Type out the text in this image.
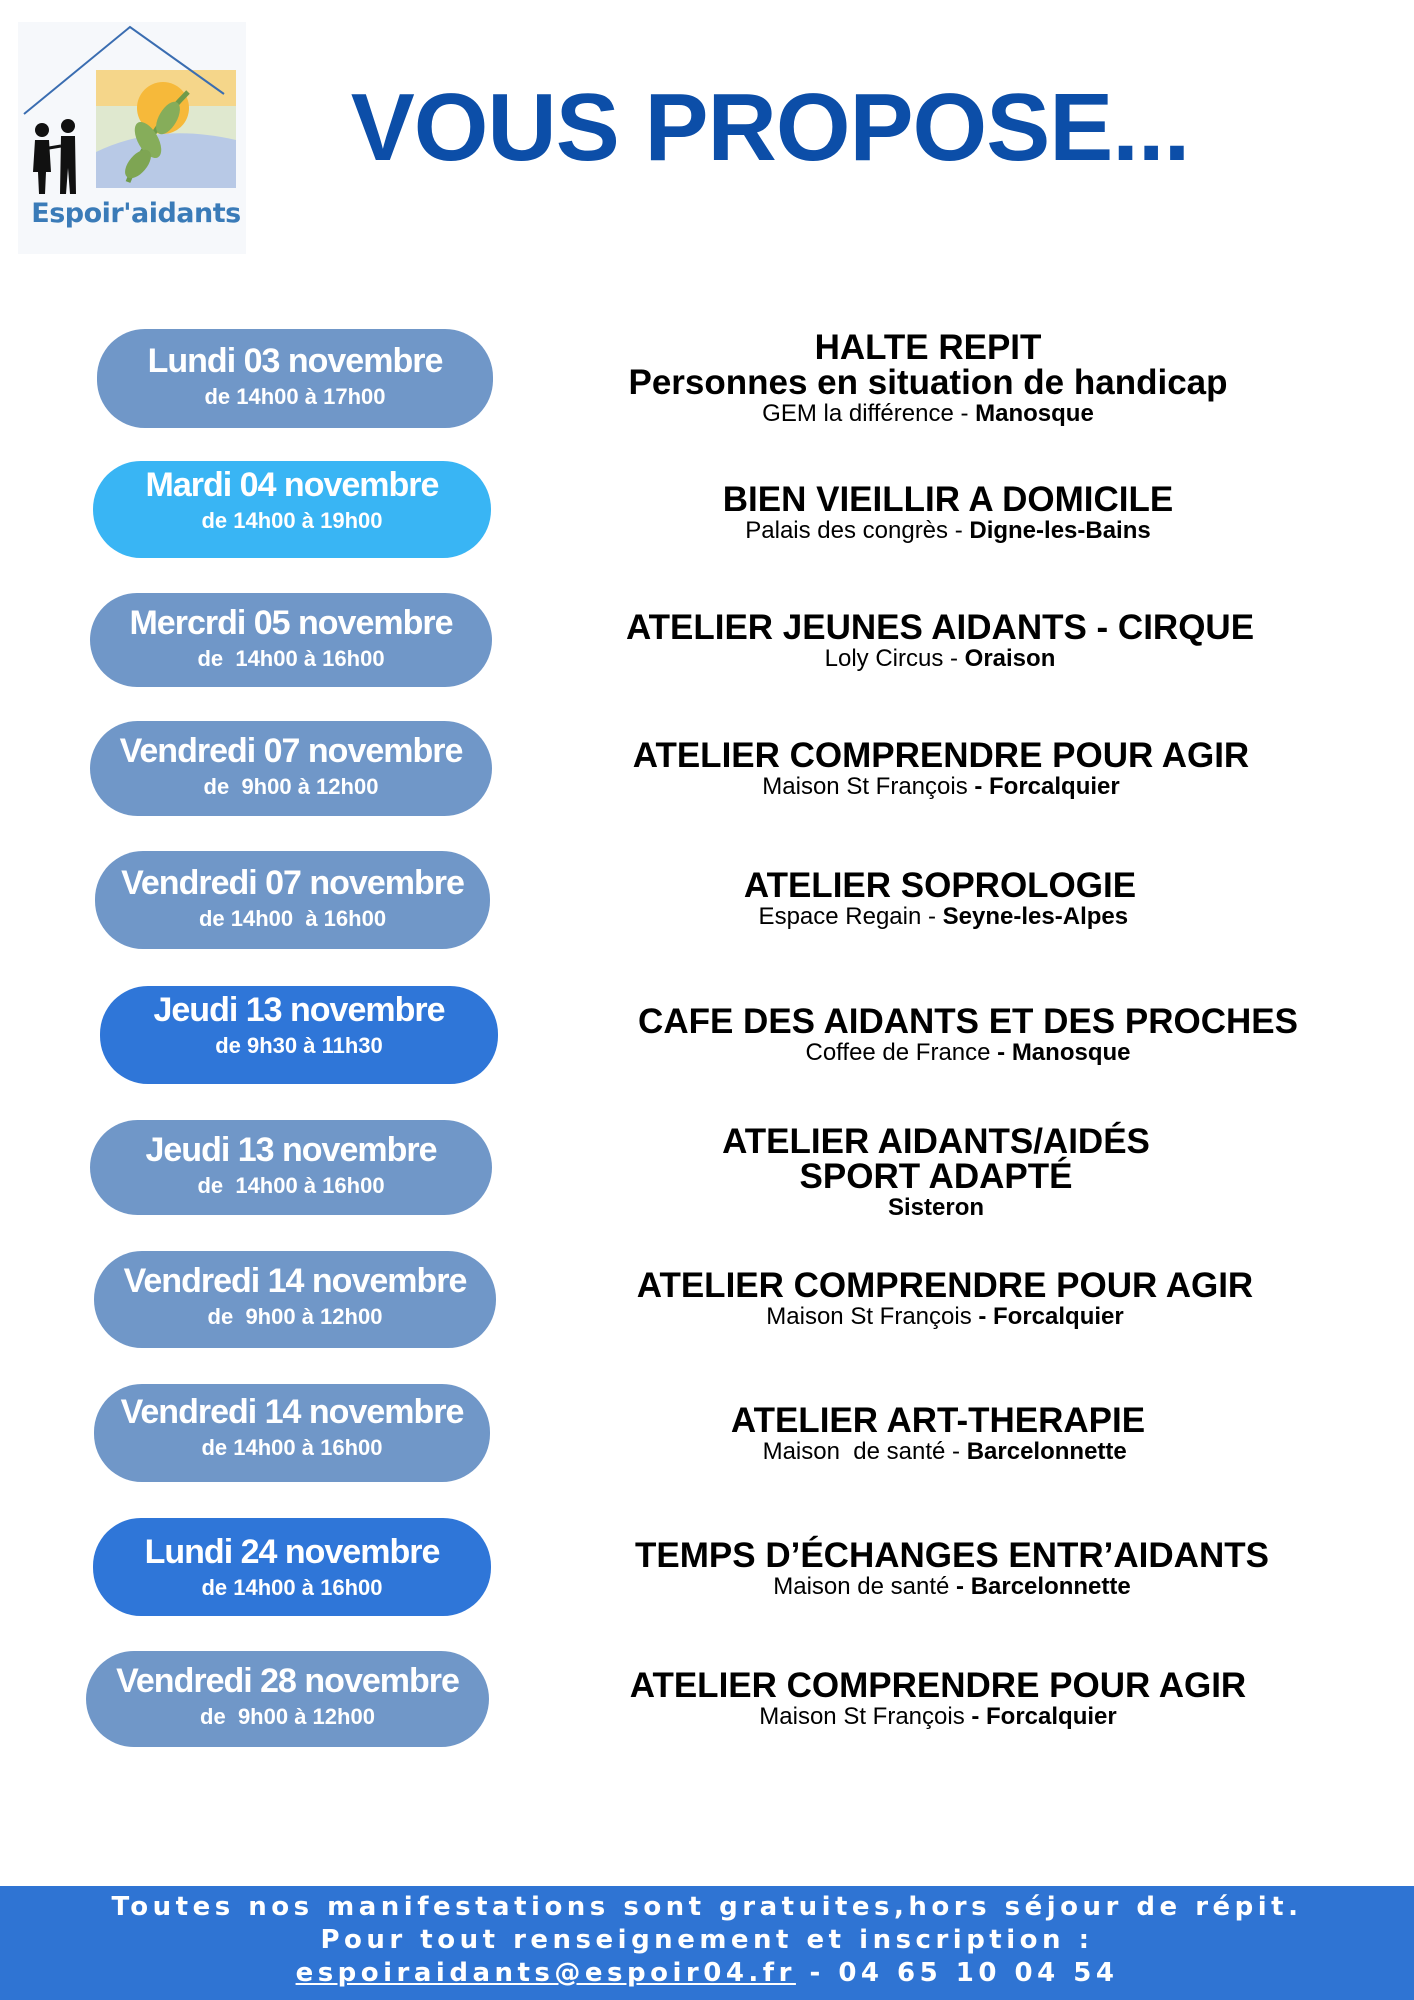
Espoir'aidants
VOUS PROPOSE...
Lundi 03 novembre
de 14h00 à 17h00
Mardi 04 novembre
de 14h00 à 19h00
Mercrdi 05 novembre
de  14h00 à 16h00
Vendredi 07 novembre
de  9h00 à 12h00
Vendredi 07 novembre
de 14h00  à 16h00
Jeudi 13 novembre
de 9h30 à 11h30
Jeudi 13 novembre
de  14h00 à 16h00
Vendredi 14 novembre
de  9h00 à 12h00
Vendredi 14 novembre
de 14h00 à 16h00
Lundi 24 novembre
de 14h00 à 16h00
Vendredi 28 novembre
de  9h00 à 12h00
HALTE REPIT
Personnes en situation de handicap
GEM la différence - Manosque
BIEN VIEILLIR A DOMICILE
Palais des congrès - Digne-les-Bains
ATELIER JEUNES AIDANTS - CIRQUE
Loly Circus - Oraison
ATELIER COMPRENDRE POUR AGIR
Maison St François - Forcalquier
ATELIER SOPROLOGIE
Espace Regain - Seyne-les-Alpes
CAFE DES AIDANTS ET DES PROCHES
Coffee de France - Manosque
ATELIER AIDANTS/AIDÉS
SPORT ADAPTÉ
Sisteron
ATELIER COMPRENDRE POUR AGIR
Maison St François - Forcalquier
ATELIER ART-THERAPIE
Maison  de santé - Barcelonnette
TEMPS D’ÉCHANGES ENTR’AIDANTS
Maison de santé - Barcelonnette
ATELIER COMPRENDRE POUR AGIR
Maison St François - Forcalquier
Toutes nos manifestations sont gratuites,hors séjour de répit.
Pour tout renseignement et inscription :
espoiraidants@espoir04.fr - 04 65 10 04 54
